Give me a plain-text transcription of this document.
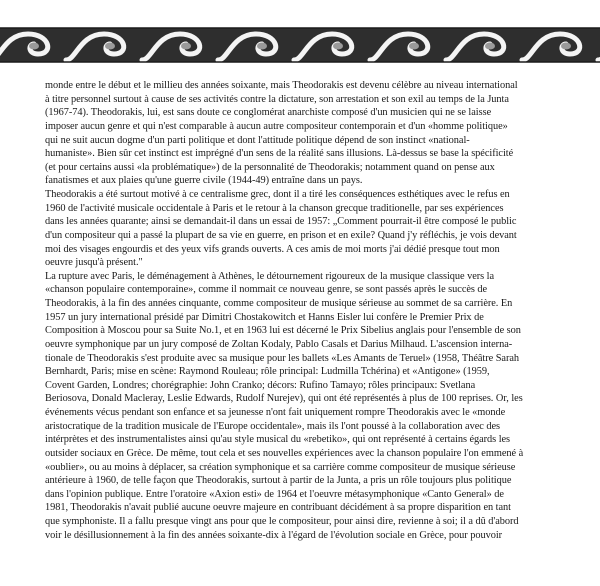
monde entre le début et le millieu des années soixante, mais Theodorakis est devenu célèbre au niveau international
à titre personnel surtout à cause de ses activités contre la dictature, son arrestation et son exil au temps de la Junta
(1967-74). Theodorakis, lui, est sans doute ce conglomérat anarchiste composé d'un musicien qui ne se laisse
imposer aucun genre et qui n'est comparable à aucun autre compositeur contemporain et d'un «homme politique»
qui ne suit aucun dogme d'un parti politique et dont l'attitude politique dépend de son instinct «national-
humaniste». Bien sûr cet instinct est imprégné d'un sens de la réalité sans illusions. Là-dessus se base la spécificité
(et pour certains aussi «la problématique») de la personnalité de Theodorakis; notamment quand on pense aux
fanatismes et aux plaies qu'une guerre civile (1944-49) entraîne dans un pays.
Theodorakis a été surtout motivé à ce centralisme grec, dont il a tiré les conséquences esthétiques avec le refus en
1960 de l'activité musicale occidentale à Paris et le retour à la chanson grecque traditionelle, par ses expériences
dans les années quarante; ainsi se demandait-il dans un essai de 1957: „Comment pourrait-il être composé le public
d'un compositeur qui a passé la plupart de sa vie en guerre, en prison et en exile? Quand j'y réfléchis, je vois devant
moi des visages engourdis et des yeux vifs grands ouverts. A ces amis de moi morts j'ai dédié presque tout mon
oeuvre jusqu'à présent."
La rupture avec Paris, le déménagement à Athènes, le détournement rigoureux de la musique classique vers la
«chanson populaire contemporaine», comme il nommait ce nouveau genre, se sont passés après le succès de
Theodorakis, à la fin des années cinquante, comme compositeur de musique sérieuse au sommet de sa carrière. En
1957 un jury international présidé par Dimitri Chostakowitch et Hanns Eisler lui confère le Premier Prix de
Composition à Moscou pour sa Suite No.1, et en 1963 lui est décerné le Prix Sibelius anglais pour l'ensemble de son
oeuvre symphonique par un jury composé de Zoltan Kodaly, Pablo Casals et Darius Milhaud. L'ascension interna-
tionale de Theodorakis s'est produite avec sa musique pour les ballets «Les Amants de Teruel» (1958, Théâtre Sarah
Bernhardt, Paris; mise en scène: Raymond Rouleau; rôle principal: Ludmilla Tchérina) et «Antigone» (1959,
Covent Garden, Londres; chorégraphie: John Cranko; décors: Rufino Tamayo; rôles principaux: Svetlana
Beriosova, Donald Macleray, Leslie Edwards, Rudolf Nurejev), qui ont été représentés à plus de 100 reprises. Or, les
événements vécus pendant son enfance et sa jeunesse n'ont fait uniquement rompre Theodorakis avec le «monde
aristocratique de la tradition musicale de l'Europe occidentale», mais ils l'ont poussé à la collaboration avec des
intérprètes et des instrumentalistes ainsi qu'au style musical du «rebetiko», qui ont représenté à certains égards les
outsider sociaux en Grèce. De même, tout cela et ses nouvelles expériences avec la chanson populaire l'on emmené à
«oublier», ou au moins à déplacer, sa création symphonique et sa carrière comme compositeur de musique sérieuse
antérieure à 1960, de telle façon que Theodorakis, surtout à partir de la Junta, a pris un rôle toujours plus politique
dans l'opinion publique. Entre l'oratoire «Axion esti» de 1964 et l'oeuvre métasymphonique «Canto General» de
1981, Theodorakis n'avait publié aucune oeuvre majeure en contribuant décidément à sa propre disparition en tant
que symphoniste. Il a fallu presque vingt ans pour que le compositeur, pour ainsi dire, revienne à soi; il a dû d'abord
voir le désillusionnement à la fin des années soixante-dix à l'égard de l'évolution sociale en Grèce, pour pouvoir
